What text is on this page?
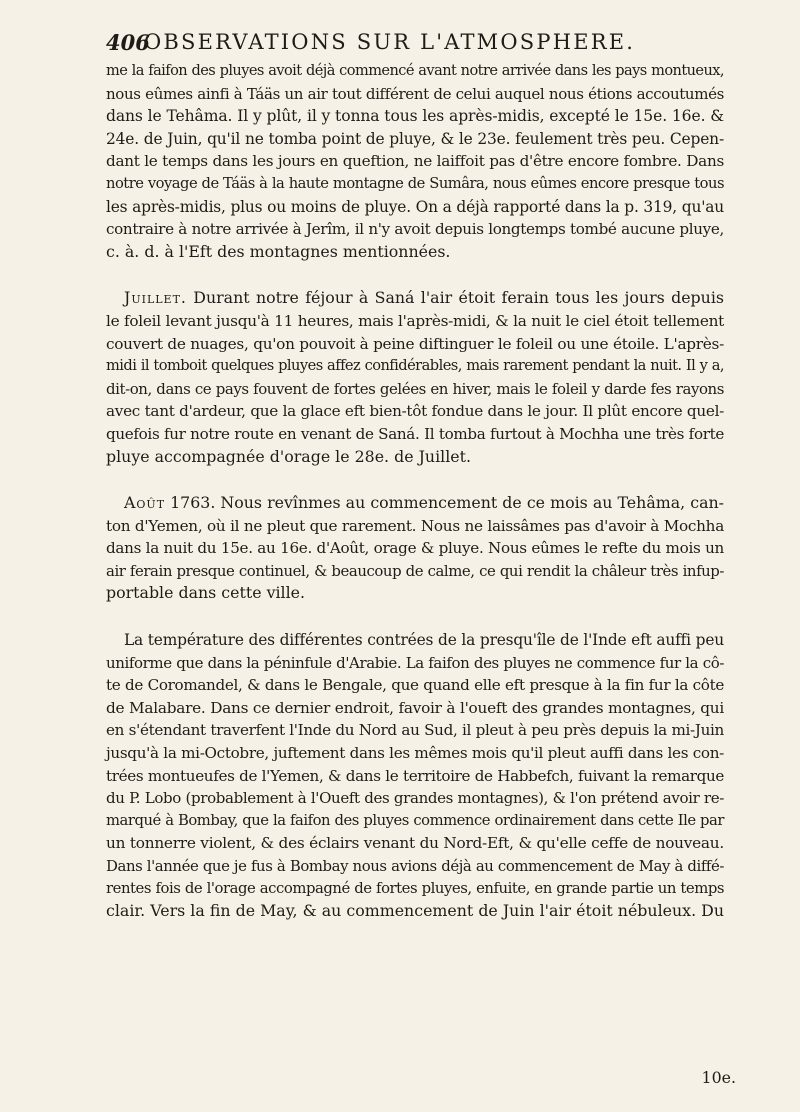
406
OBSERVATIONS SUR L'ATMOSPHERE.
me la faifon des pluyes avoit déjà commencé avant notre arrivée dans les pays montueux,
nous eûmes ainfi à Táäs un air tout différent de celui auquel nous étions accoutumés
dans le Tehâma. Il y plût, il y tonna tous les après-midis, excepté le 15e. 16e. &
24e. de Juin, qu'il ne tomba point de pluye, & le 23e. feulement très peu. Cepen-
dant le temps dans les jours en queftion, ne laiffoit pas d'être encore fombre. Dans
notre voyage de Táäs à la haute montagne de Sumâra, nous eûmes encore presque tous
les après-midis, plus ou moins de pluye. On a déjà rapporté dans la p. 319, qu'au
contraire à notre arrivée à Jerîm, il n'y avoit depuis longtemps tombé aucune pluye,
c. à. d. à l'Eft des montagnes mentionnées.
Juillet. Durant notre féjour à Saná l'air étoit ferain tous les jours depuis
le foleil levant jusqu'à 11 heures, mais l'après-midi, & la nuit le ciel étoit tellement
couvert de nuages, qu'on pouvoit à peine diftinguer le foleil ou une étoile. L'après-
midi il tomboit quelques pluyes affez confidérables, mais rarement pendant la nuit. Il y a,
dit-on, dans ce pays fouvent de fortes gelées en hiver, mais le foleil y darde fes rayons
avec tant d'ardeur, que la glace eft bien-tôt fondue dans le jour. Il plût encore quel-
quefois fur notre route en venant de Saná. Il tomba furtout à Mochha une très forte
pluye accompagnée d'orage le 28e. de Juillet.
Août 1763. Nous revînmes au commencement de ce mois au Tehâma, can-
ton d'Yemen, où il ne pleut que rarement. Nous ne laissâmes pas d'avoir à Mochha
dans la nuit du 15e. au 16e. d'Août, orage & pluye. Nous eûmes le refte du mois un
air ferain presque continuel, & beaucoup de calme, ce qui rendit la châleur très infup-
portable dans cette ville.
La température des différentes contrées de la presqu'île de l'Inde eft auffi peu
uniforme que dans la péninfule d'Arabie. La faifon des pluyes ne commence fur la cô-
te de Coromandel, & dans le Bengale, que quand elle eft presque à la fin fur la côte
de Malabare. Dans ce dernier endroit, favoir à l'oueft des grandes montagnes, qui
en s'étendant traverfent l'Inde du Nord au Sud, il pleut à peu près depuis la mi-Juin
jusqu'à la mi-Octobre, juftement dans les mêmes mois qu'il pleut auffi dans les con-
trées montueufes de l'Yemen, & dans le territoire de Habbefch, fuivant la remarque
du P. Lobo (probablement à l'Oueft des grandes montagnes), & l'on prétend avoir re-
marqué à Bombay, que la faifon des pluyes commence ordinairement dans cette Ile par
un tonnerre violent, & des éclairs venant du Nord-Eft, & qu'elle ceffe de nouveau.
Dans l'année que je fus à Bombay nous avions déjà au commencement de May à diffé-
rentes fois de l'orage accompagné de fortes pluyes, enfuite, en grande partie un temps
clair. Vers la fin de May, & au commencement de Juin l'air étoit nébuleux. Du
10e.
